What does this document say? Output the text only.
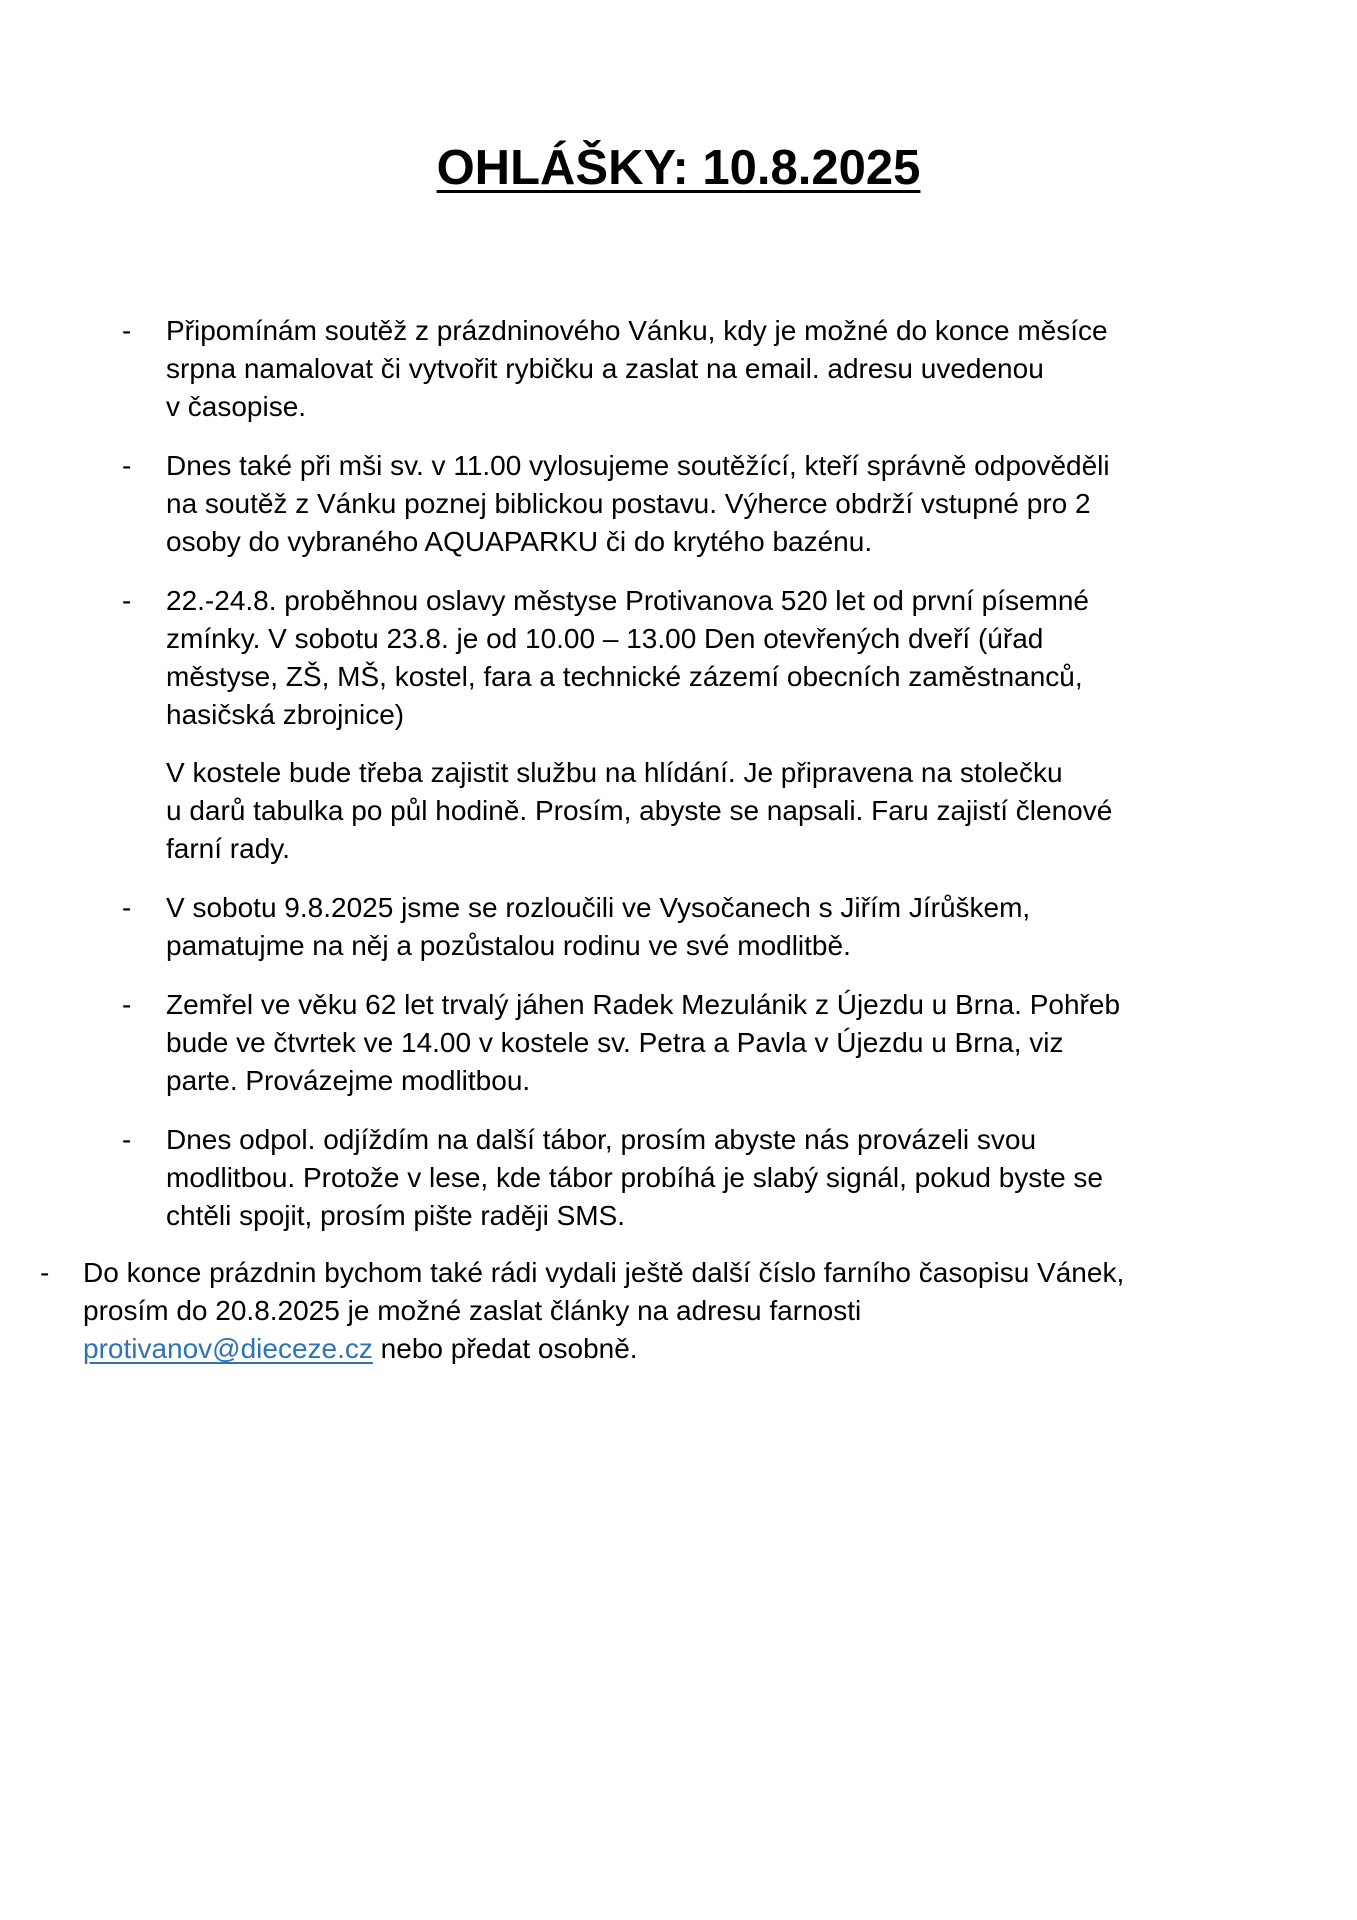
OHLÁŠKY: 10.8.2025
- Připomínám soutěž z prázdninového Vánku, kdy je možné do konce měsíce
srpna namalovat či vytvořit rybičku a zaslat na email. adresu uvedenou
v časopise.
- Dnes také při mši sv. v 11.00 vylosujeme soutěžící, kteří správně odpověděli
na soutěž z Vánku poznej biblickou postavu. Výherce obdrží vstupné pro 2
osoby do vybraného AQUAPARKU či do krytého bazénu.
- 22.-24.8. proběhnou oslavy městyse Protivanova 520 let od první písemné
zmínky. V sobotu 23.8. je od 10.00 – 13.00 Den otevřených dveří (úřad
městyse, ZŠ, MŠ, kostel, fara a technické zázemí obecních zaměstnanců,
hasičská zbrojnice)
V kostele bude třeba zajistit službu na hlídání. Je připravena na stolečku
u darů tabulka po půl hodině. Prosím, abyste se napsali. Faru zajistí členové
farní rady.
- V sobotu 9.8.2025 jsme se rozloučili ve Vysočanech s Jiřím Jírůškem,
pamatujme na něj a pozůstalou rodinu ve své modlitbě.
- Zemřel ve věku 62 let trvalý jáhen Radek Mezulánik z Újezdu u Brna. Pohřeb
bude ve čtvrtek ve 14.00 v kostele sv. Petra a Pavla v Újezdu u Brna, viz
parte. Provázejme modlitbou.
- Dnes odpol. odjíždím na další tábor, prosím abyste nás provázeli svou
modlitbou. Protože v lese, kde tábor probíhá je slabý signál, pokud byste se
chtěli spojit, prosím pište raději SMS.
- Do konce prázdnin bychom také rádi vydali ještě další číslo farního časopisu Vánek,
prosím do 20.8.2025 je možné zaslat články na adresu farnosti
protivanov@dieceze.cz nebo předat osobně.
